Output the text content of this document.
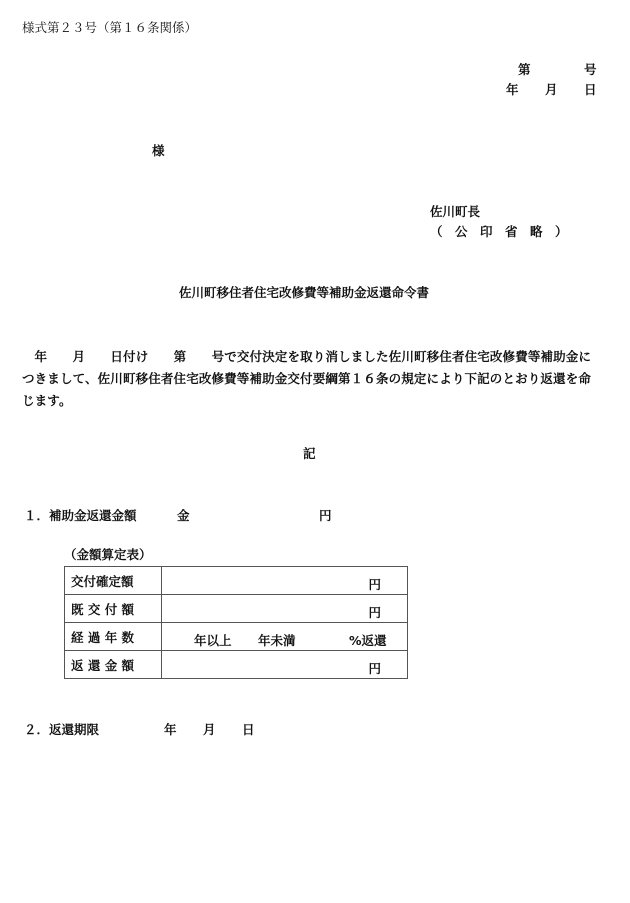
様式第２３号（第１６条関係）
第	号
年 月 日
様
佐川町長
（　公　印　省　略　）
佐川町移住者住宅改修費等補助金返還命令書
年　　月　　日付け　　第　　号で交付決定を取り消しました佐川町移住者住宅改修費等補助金につきまして、佐川町移住者住宅改修費等補助金交付要綱第１６条の規定により下記のとおり返還を命じます。
記
１．補助金返還金額	金	円
（金額算定表）
交付確定額	円

既 交 付 額	円

経 過 年 数	年以上 年未満 %返還

返 還 金 額	円
２．返還期限	年 月 日
